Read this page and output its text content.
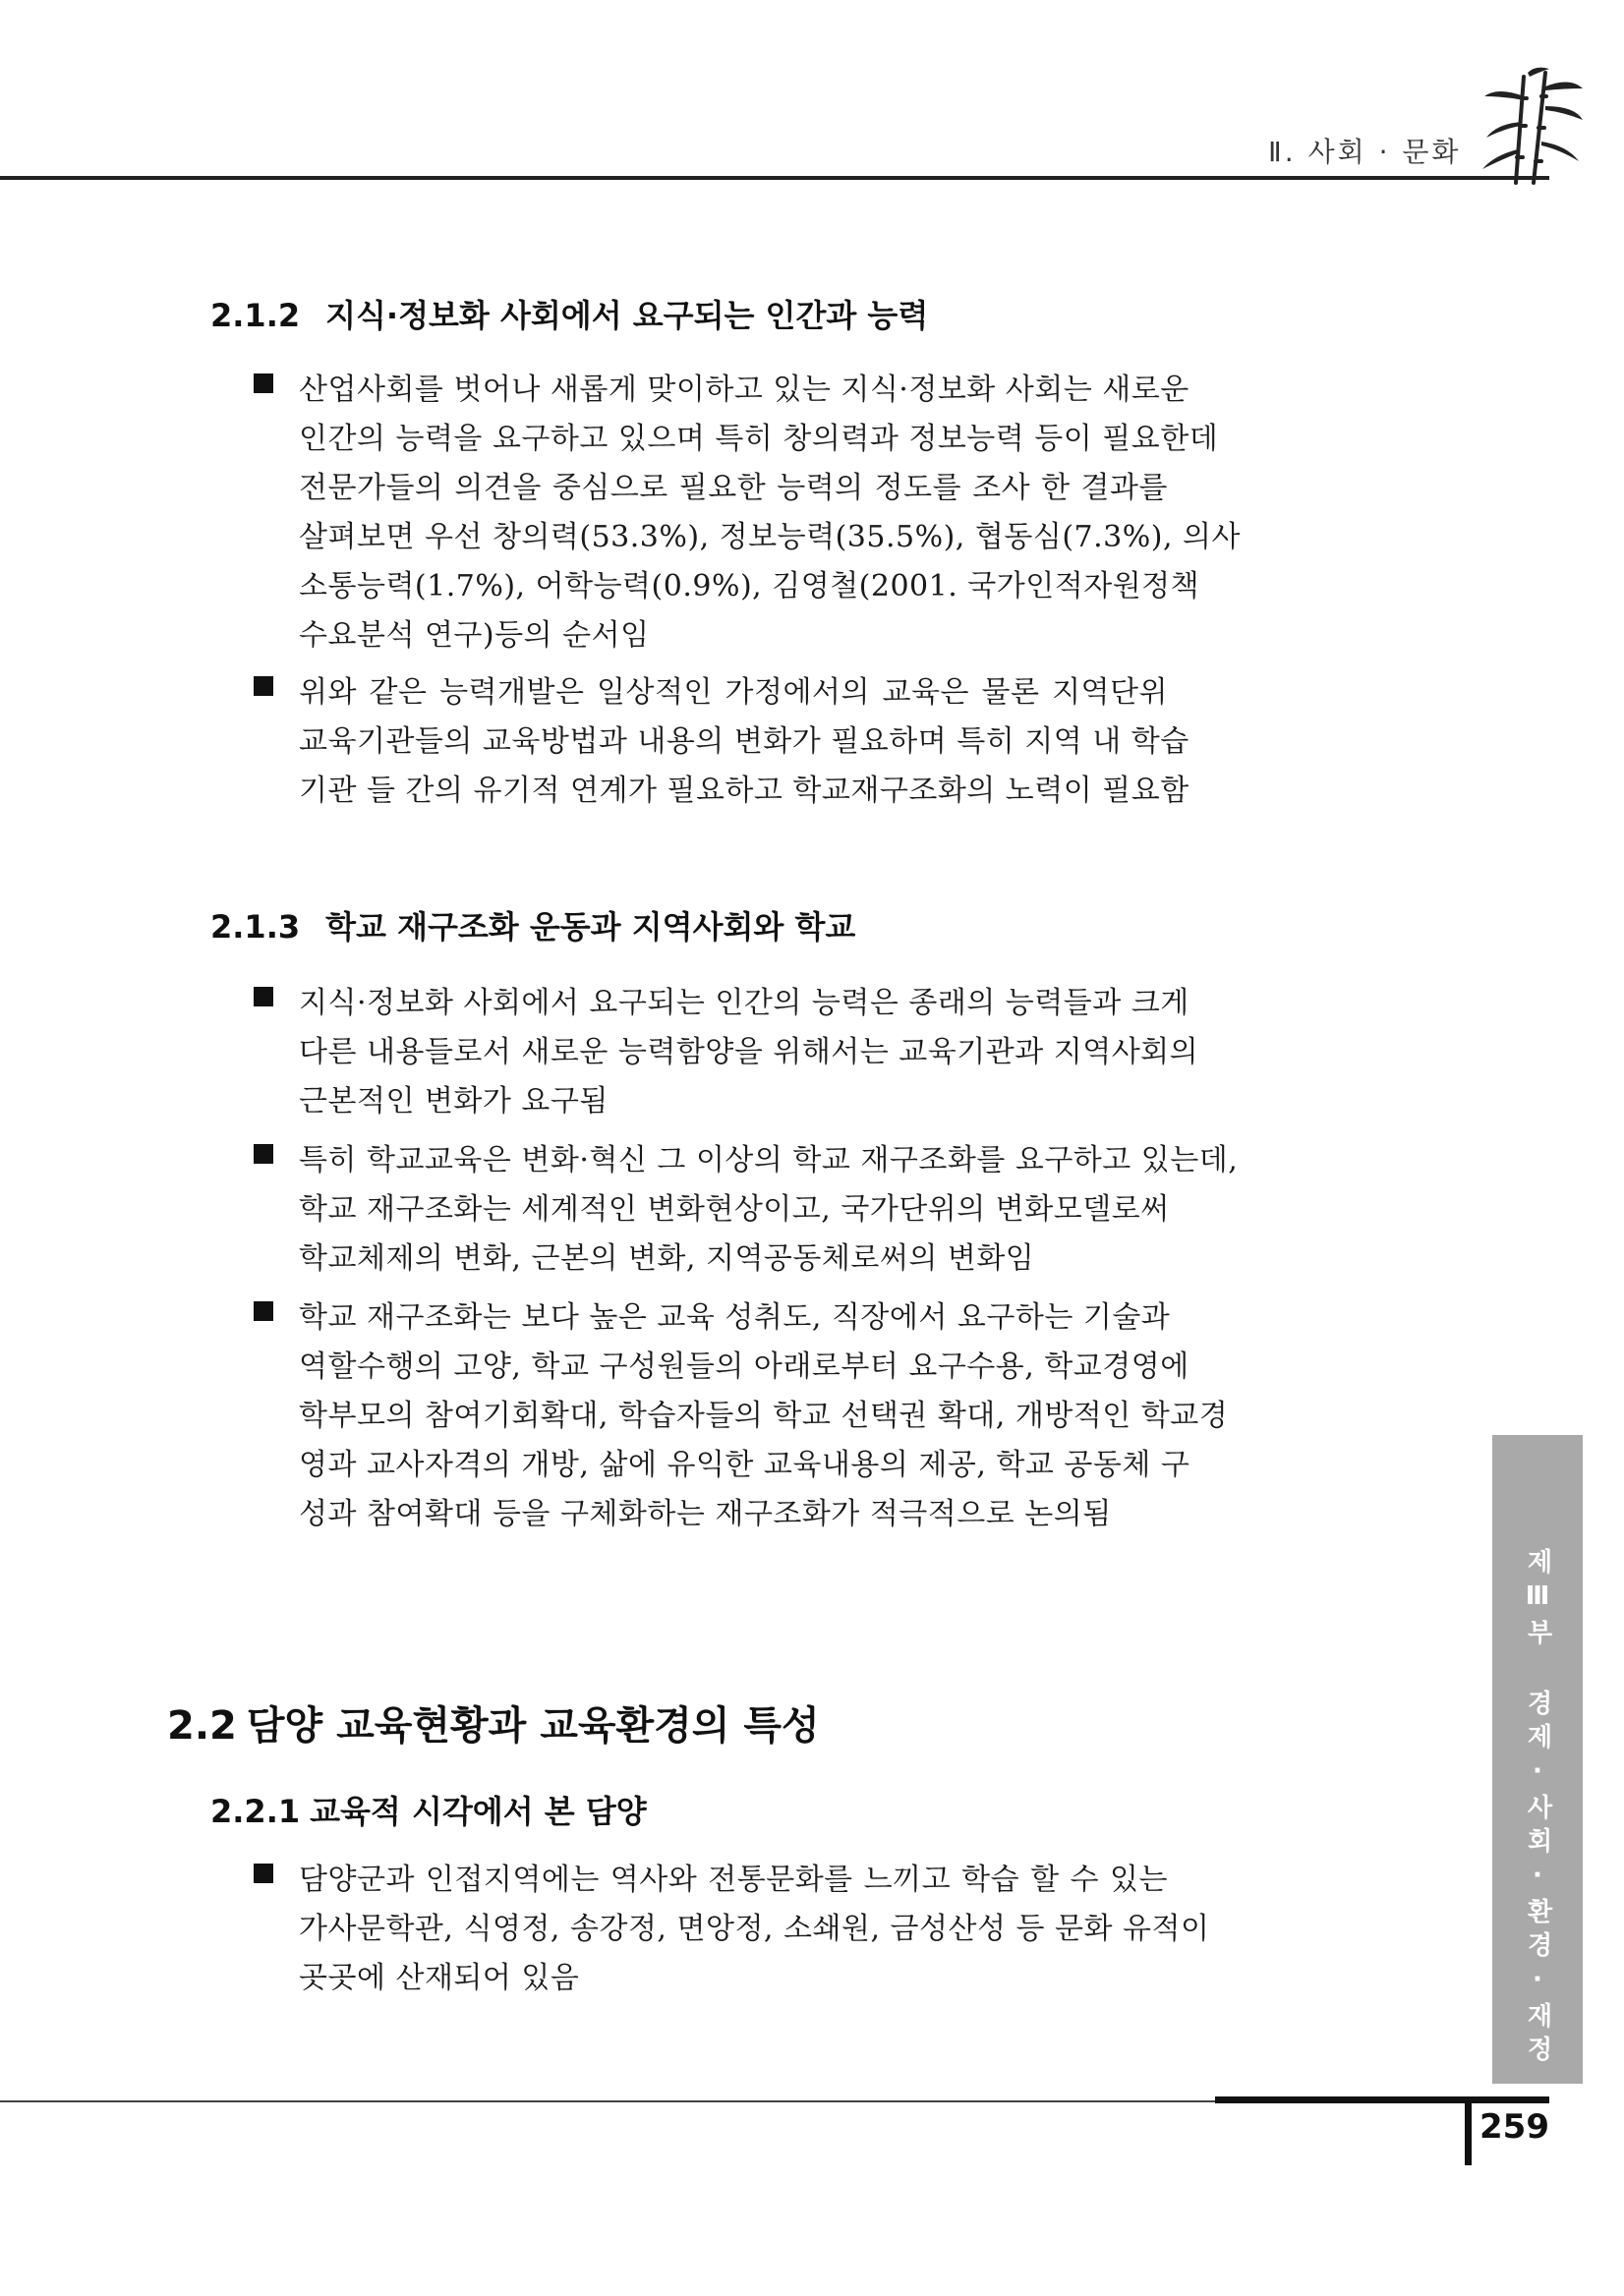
Ⅱ. 사회 · 문화
2.1.2 지식·정보화 사회에서 요구되는 인간과 능력
산업사회를 벗어나 새롭게 맞이하고 있는 지식·정보화 사회는 새로운
인간의 능력을 요구하고 있으며 특히 창의력과 정보능력 등이 필요한데
전문가들의 의견을 중심으로 필요한 능력의 정도를 조사 한 결과를
살펴보면 우선 창의력(53.3%), 정보능력(35.5%), 협동심(7.3%), 의사
소통능력(1.7%), 어학능력(0.9%), 김영철(2001. 국가인적자원정책
수요분석 연구)등의 순서임
위와 같은 능력개발은 일상적인 가정에서의 교육은 물론 지역단위
교육기관들의 교육방법과 내용의 변화가 필요하며 특히 지역 내 학습
기관 들 간의 유기적 연계가 필요하고 학교재구조화의 노력이 필요함
2.1.3 학교 재구조화 운동과 지역사회와 학교
지식·정보화 사회에서 요구되는 인간의 능력은 종래의 능력들과 크게
다른 내용들로서 새로운 능력함양을 위해서는 교육기관과 지역사회의
근본적인 변화가 요구됨
특히 학교교육은 변화·혁신 그 이상의 학교 재구조화를 요구하고 있는데,
학교 재구조화는 세계적인 변화현상이고, 국가단위의 변화모델로써
학교체제의 변화, 근본의 변화, 지역공동체로써의 변화임
학교 재구조화는 보다 높은 교육 성취도, 직장에서 요구하는 기술과
역할수행의 고양, 학교 구성원들의 아래로부터 요구수용, 학교경영에
학부모의 참여기회확대, 학습자들의 학교 선택권 확대, 개방적인 학교경
영과 교사자격의 개방, 삶에 유익한 교육내용의 제공, 학교 공동체 구
성과 참여확대 등을 구체화하는 재구조화가 적극적으로 논의됨
2.2 담양 교육현황과 교육환경의 특성
2.2.1 교육적 시각에서 본 담양
담양군과 인접지역에는 역사와 전통문화를 느끼고 학습 할 수 있는
가사문학관, 식영정, 송강정, 면앙정, 소쇄원, 금성산성 등 문화 유적이
곳곳에 산재되어 있음	제Ⅲ부 경제·사회·환경·재정계획
259
